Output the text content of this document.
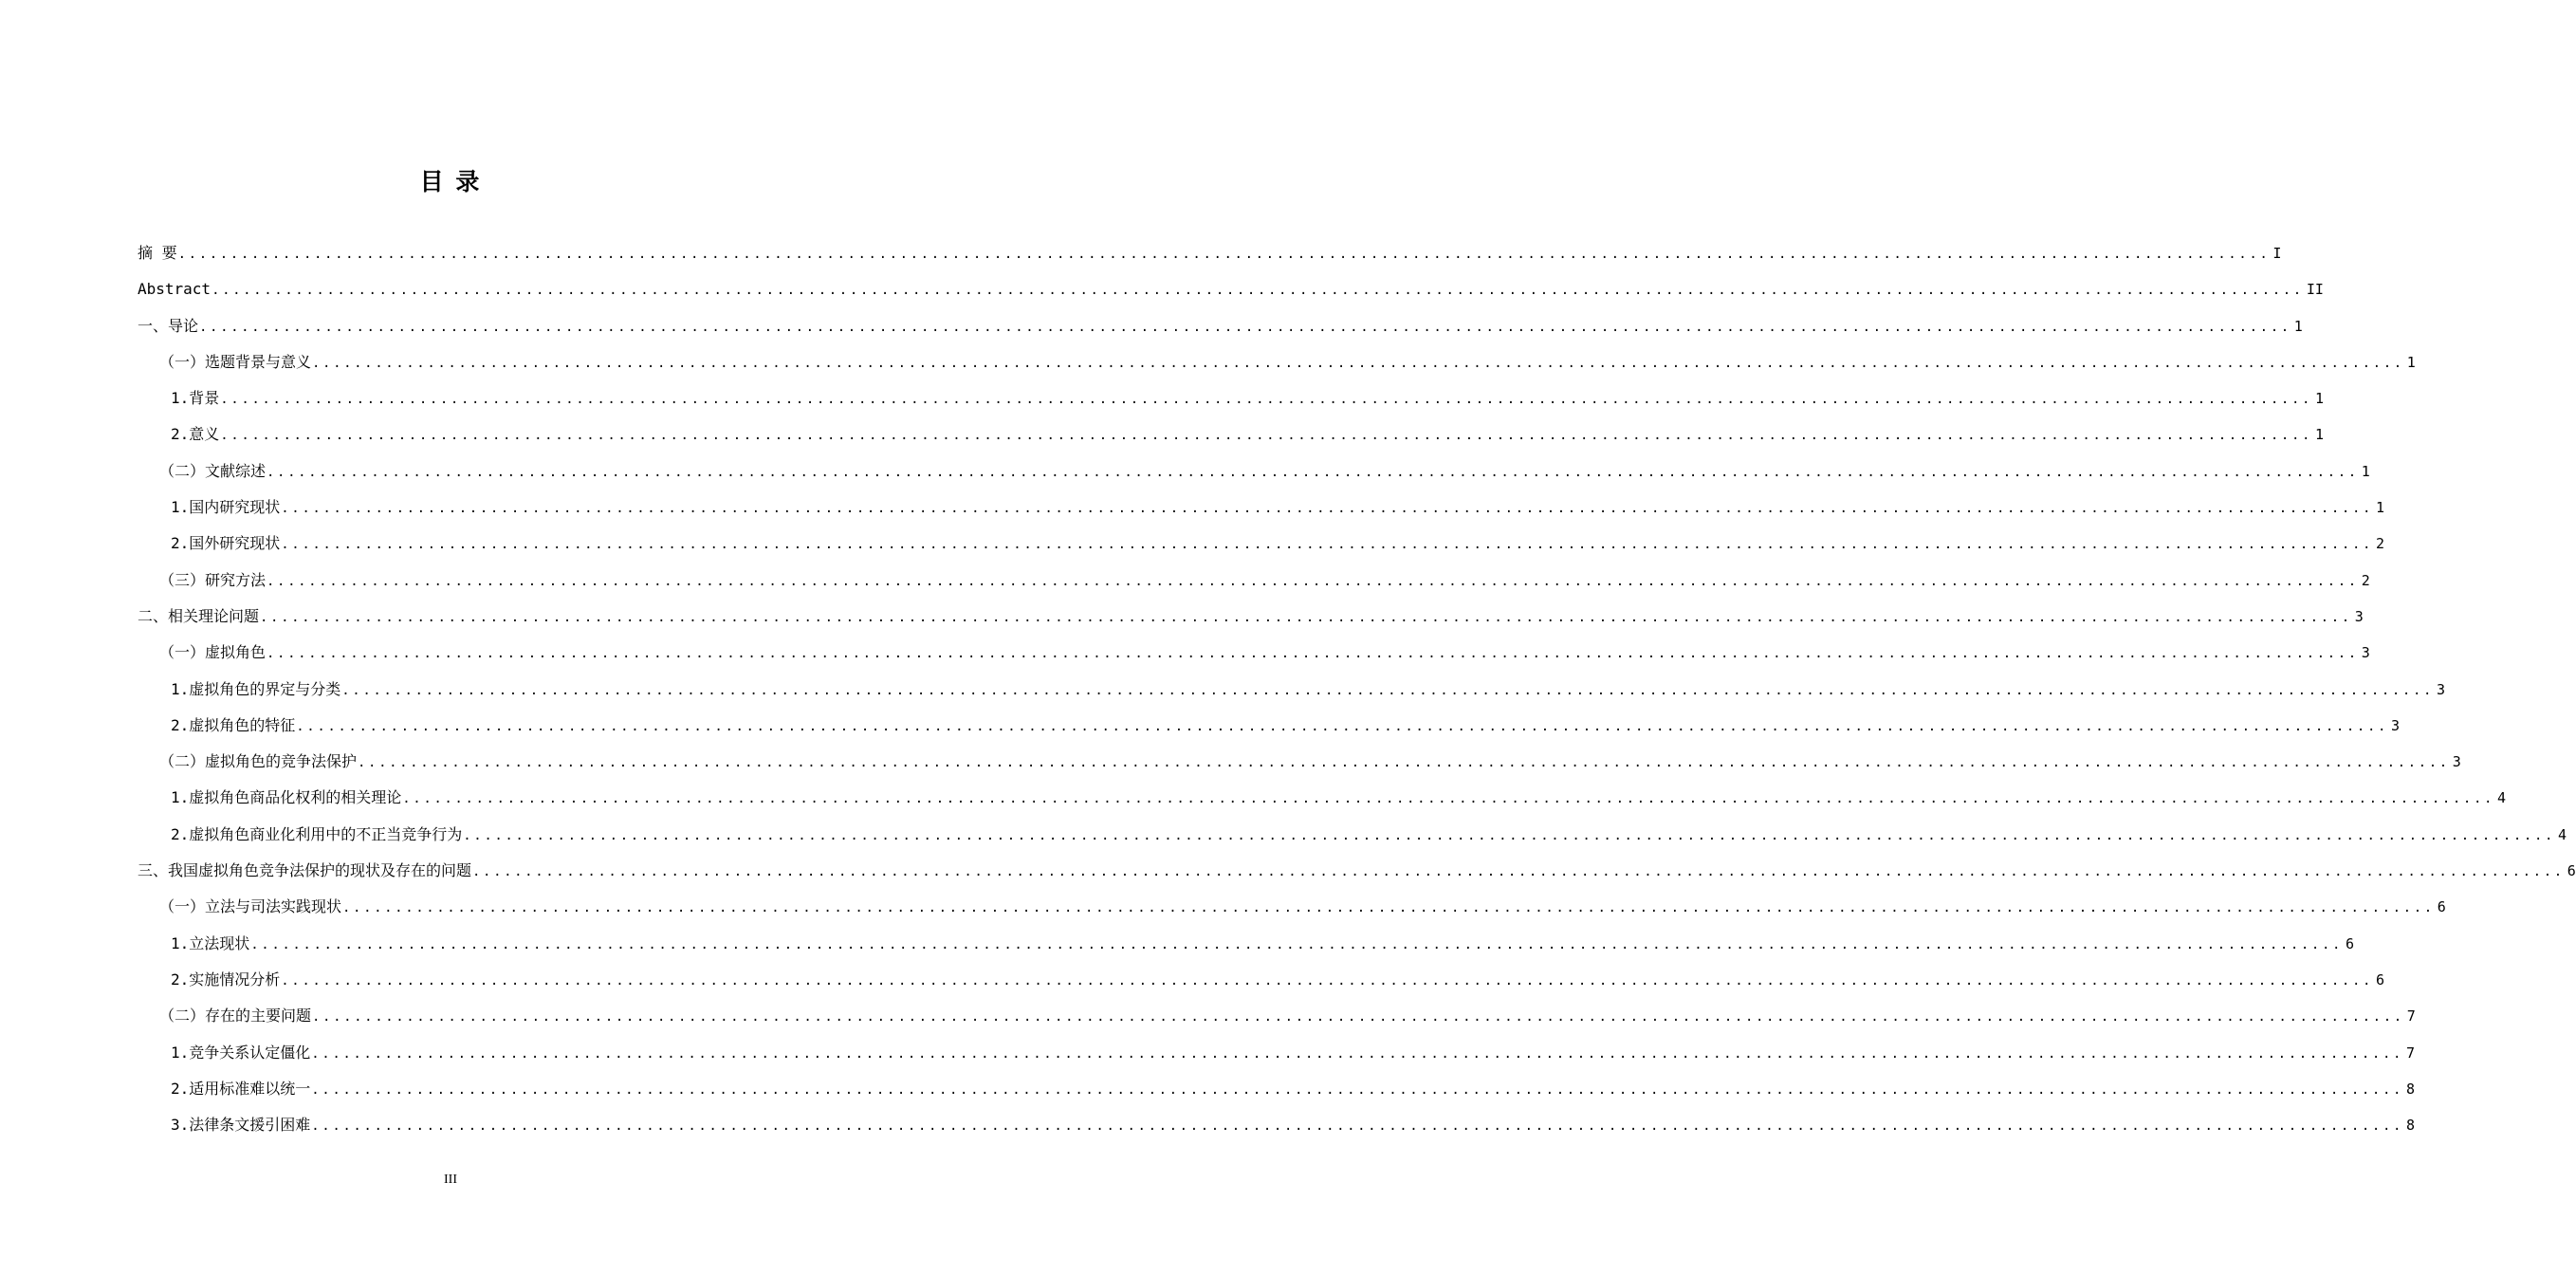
目 录
摘 要 ........................................................................................................................................................................................................ I
Abstract ........................................................................................................................................................................................................ II
一、导论 ........................................................................................................................................................................................................ 1
（一）选题背景与意义 ........................................................................................................................................................................................................ 1
1.背景 ........................................................................................................................................................................................................ 1
2.意义 ........................................................................................................................................................................................................ 1
（二）文献综述 ........................................................................................................................................................................................................ 1
1.国内研究现状 ........................................................................................................................................................................................................ 1
2.国外研究现状 ........................................................................................................................................................................................................ 2
（三）研究方法 ........................................................................................................................................................................................................ 2
二、相关理论问题 ........................................................................................................................................................................................................ 3
（一）虚拟角色 ........................................................................................................................................................................................................ 3
1.虚拟角色的界定与分类 ........................................................................................................................................................................................................ 3
2.虚拟角色的特征 ........................................................................................................................................................................................................ 3
（二）虚拟角色的竞争法保护 ........................................................................................................................................................................................................ 3
1.虚拟角色商品化权利的相关理论 ........................................................................................................................................................................................................ 4
2.虚拟角色商业化利用中的不正当竞争行为 ........................................................................................................................................................................................................ 4
三、我国虚拟角色竞争法保护的现状及存在的问题 ........................................................................................................................................................................................................ 6
（一）立法与司法实践现状 ........................................................................................................................................................................................................ 6
1.立法现状 ........................................................................................................................................................................................................ 6
2.实施情况分析 ........................................................................................................................................................................................................ 6
（二）存在的主要问题 ........................................................................................................................................................................................................ 7
1.竞争关系认定僵化 ........................................................................................................................................................................................................ 7
2.适用标准难以统一 ........................................................................................................................................................................................................ 8
3.法律条文援引困难 ........................................................................................................................................................................................................ 8
III
